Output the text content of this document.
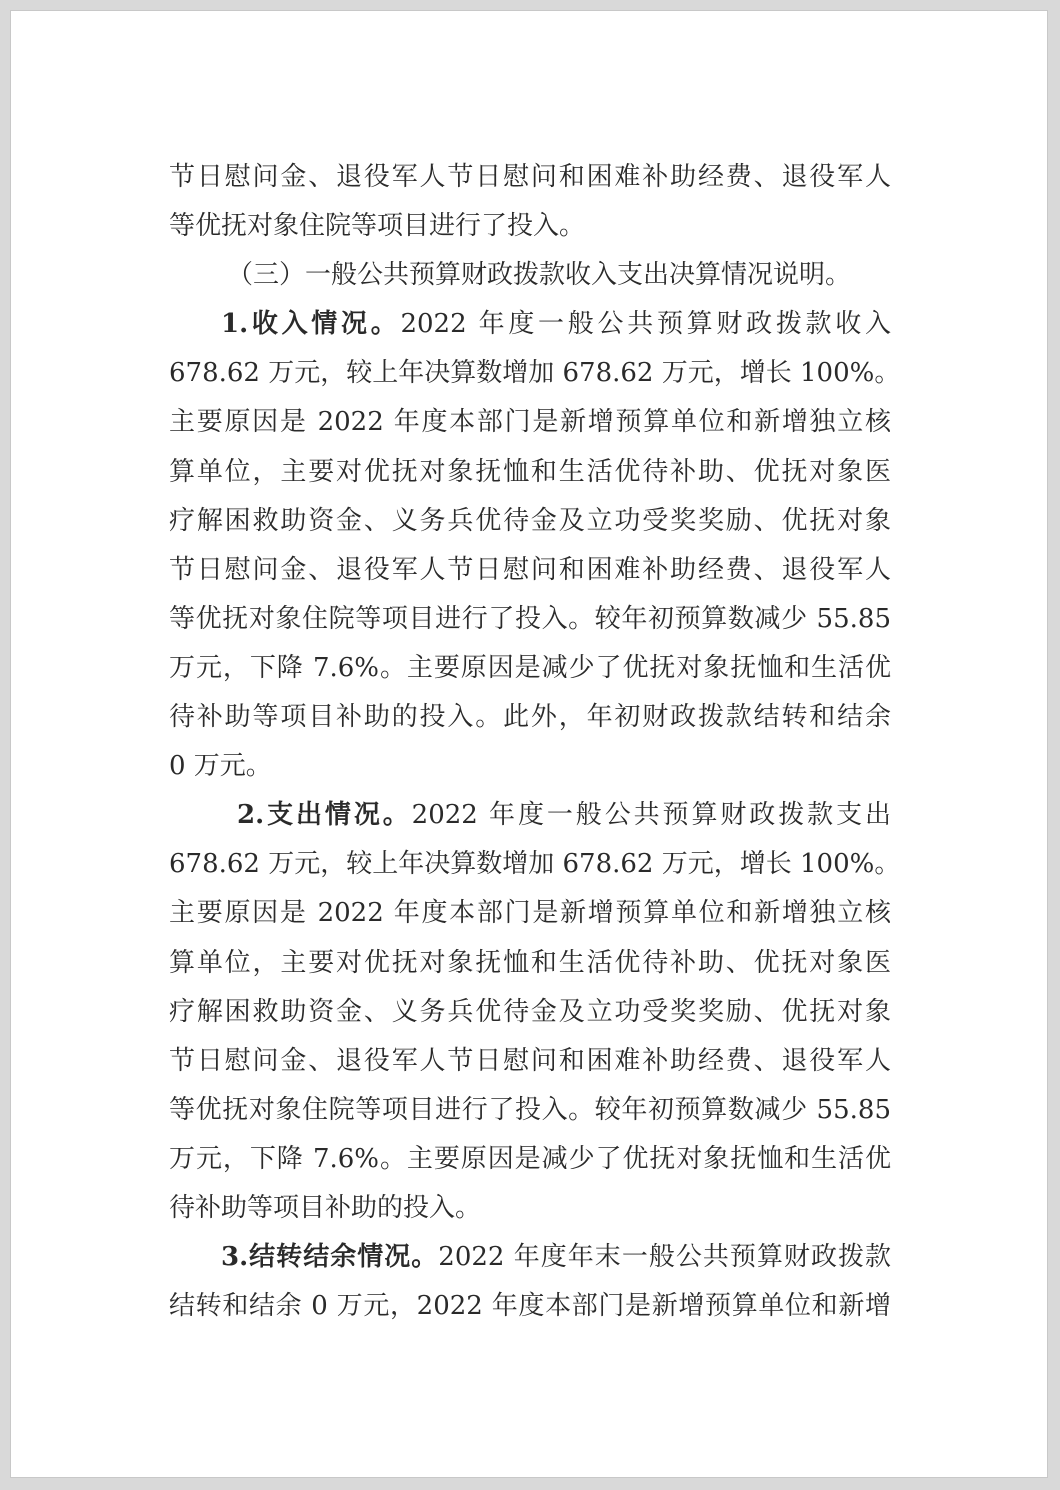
节日慰问金、退役军人节日慰问和困难补助经费、退役军人
等优抚对象住院等项目进行了投入。
（三）一般公共预算财政拨款收入支出决算情况说明。
1.收入情况。2022 年度一般公共预算财政拨款收入
678.62 万元，较上年决算数增加 678.62 万元，增长 100%。
主要原因是 2022 年度本部门是新增预算单位和新增独立核
算单位，主要对优抚对象抚恤和生活优待补助、优抚对象医
疗解困救助资金、义务兵优待金及立功受奖奖励、优抚对象
节日慰问金、退役军人节日慰问和困难补助经费、退役军人
等优抚对象住院等项目进行了投入。较年初预算数减少 55.85
万元，下降 7.6%。主要原因是减少了优抚对象抚恤和生活优
待补助等项目补助的投入。此外，年初财政拨款结转和结余
0 万元。
2.支出情况。2022 年度一般公共预算财政拨款支出
678.62 万元，较上年决算数增加 678.62 万元，增长 100%。
主要原因是 2022 年度本部门是新增预算单位和新增独立核
算单位，主要对优抚对象抚恤和生活优待补助、优抚对象医
疗解困救助资金、义务兵优待金及立功受奖奖励、优抚对象
节日慰问金、退役军人节日慰问和困难补助经费、退役军人
等优抚对象住院等项目进行了投入。较年初预算数减少 55.85
万元，下降 7.6%。主要原因是减少了优抚对象抚恤和生活优
待补助等项目补助的投入。
3.结转结余情况。2022 年度年末一般公共预算财政拨款
结转和结余 0 万元，2022 年度本部门是新增预算单位和新增
